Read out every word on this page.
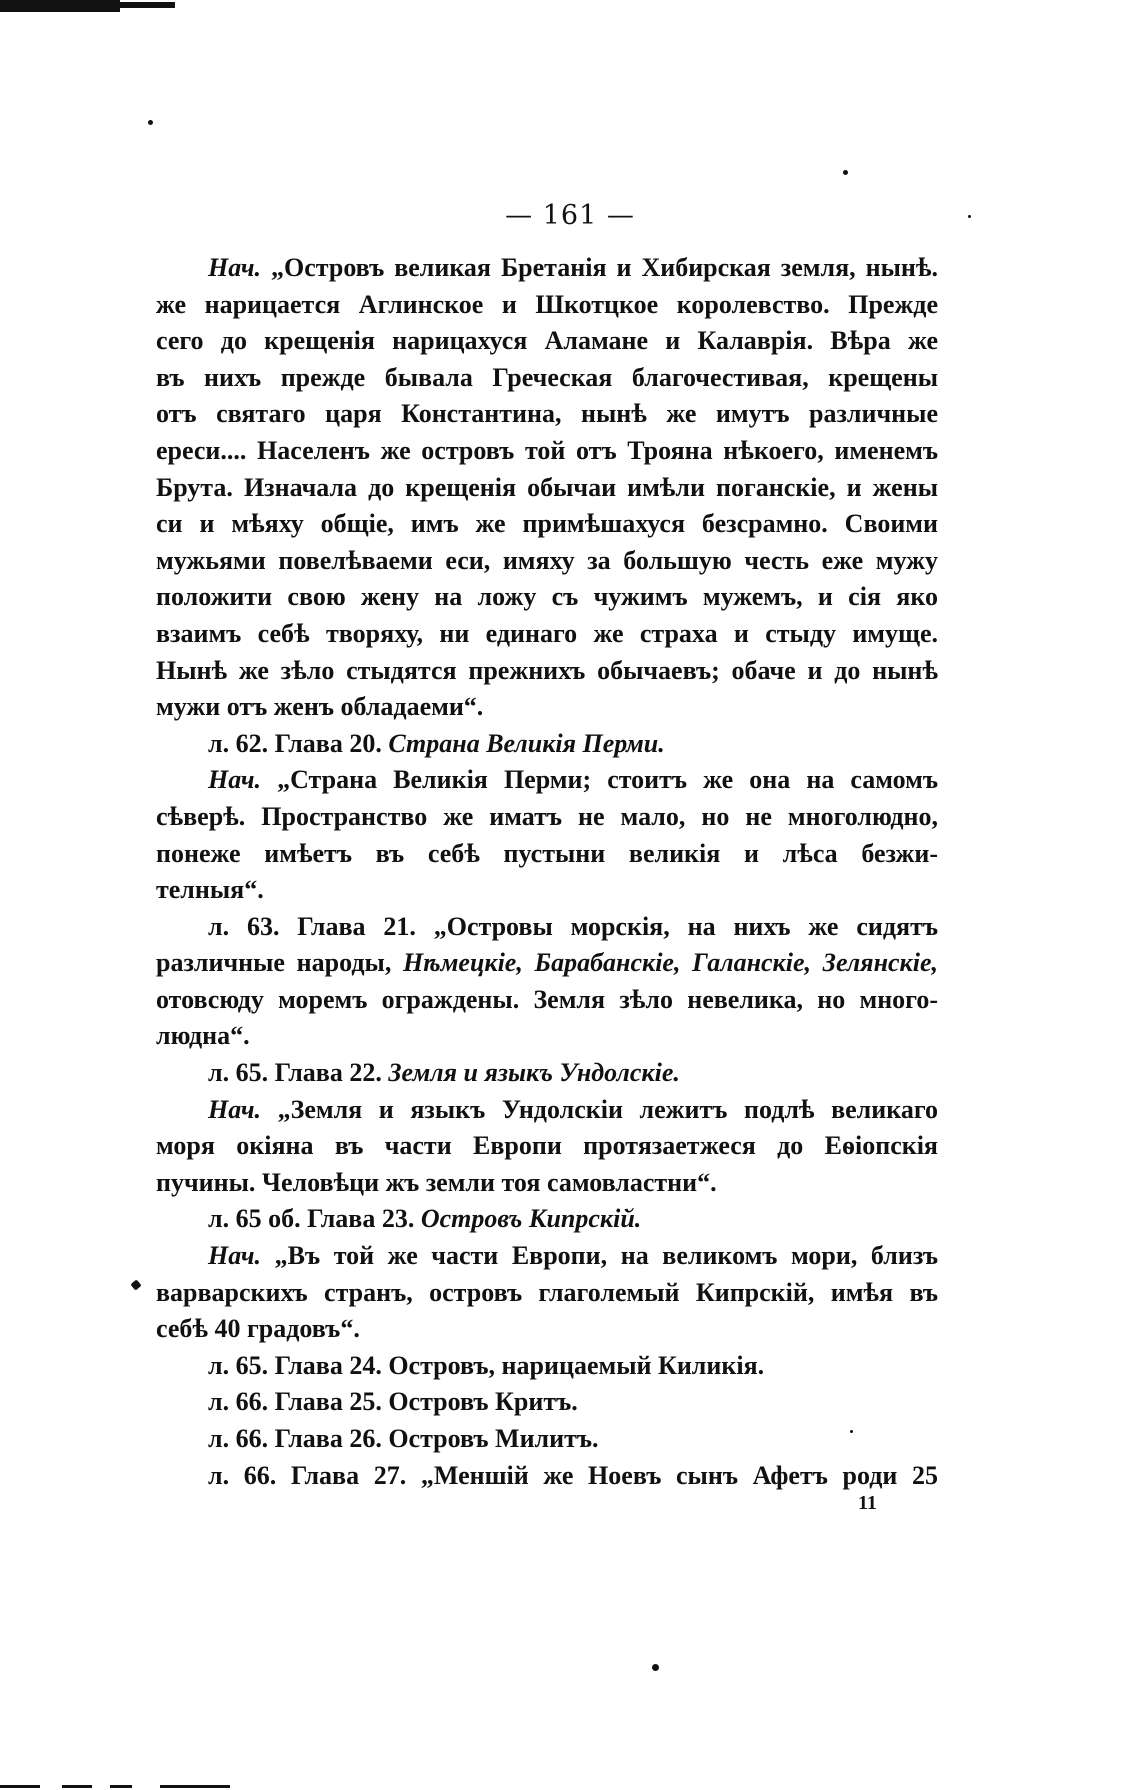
— 161 —
Нач. „Островъ великая Бретанія и Хибирская земля, нынѣ.
же нарицается Аглинское и Шкотцкое королевство. Прежде
сего до крещенія нарицахуся Аламане и Калаврія. Вѣра же
въ нихъ прежде бывала Греческая благочестивая, крещены
отъ святаго царя Константина, нынѣ же имутъ различные
ереси.... Населенъ же островъ той отъ Трояна нѣкоего, именемъ
Брута. Изначала до крещенія обычаи имѣли поганскіе, и жены
си и мѣяху общіе, имъ же примѣшахуся безсрамно. Своими
мужьями повелѣваеми еси, имяху за большую честь еже мужу
положити свою жену на ложу съ чужимъ мужемъ, и сія яко
взаимъ себѣ творяху, ни единаго же страха и стыду имуще.
Нынѣ же зѣло стыдятся прежнихъ обычаевъ; обаче и до нынѣ
мужи отъ женъ обладаеми“.
л. 62. Глава 20. Страна Великія Перми.
Нач. „Страна Великія Перми; стоитъ же она на самомъ
сѣверѣ. Пространство же иматъ не мало, но не многолюдно,
понеже имѣетъ въ себѣ пустыни великія и лѣса безжи-
телныя“.
л. 63. Глава 21. „Островы морскія, на нихъ же сидятъ
различные народы, Нѣмецкіе, Барабанскіе, Галанскіе, Зелянскіе,
отовсюду моремъ ограждены. Земля зѣло невелика, но много-
людна“.
л. 65. Глава 22. Земля и языкъ Ундолскіе.
Нач. „Земля и языкъ Ундолскіи лежитъ подлѣ великаго
моря окіяна въ части Европи протязаетжеся до Еѳіопскія
пучины. Человѣци жъ земли тоя самовластни“.
л. 65 об. Глава 23. Островъ Кипрскій.
Нач. „Въ той же части Европи, на великомъ мори, близъ
варварскихъ странъ, островъ глаголемый Кипрскій, имѣя въ
себѣ 40 градовъ“.
л. 65. Глава 24. Островъ, нарицаемый Киликія.
л. 66. Глава 25. Островъ Критъ.
л. 66. Глава 26. Островъ Милитъ.
л. 66. Глава 27. „Меншій же Ноевъ сынъ Афетъ роди 25
11
